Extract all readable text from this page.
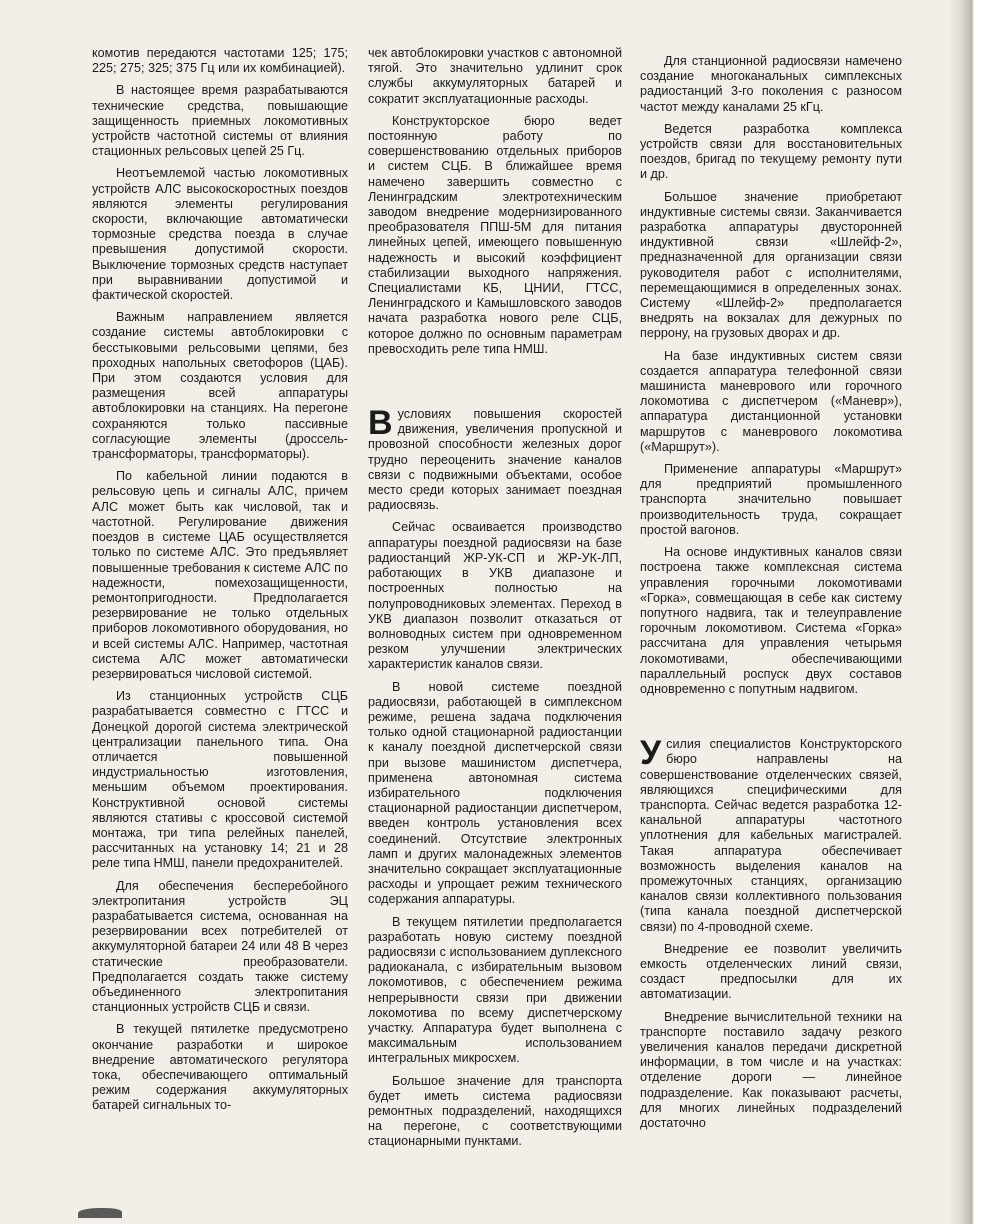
комотив передаются частотами 125; 175; 225; 275; 325; 375 Гц или их комбинацией).

В настоящее время разрабатываются технические средства, повышающие защищенность приемных локомотивных устройств частотной системы от влияния стационных рельсовых цепей 25 Гц.

Неотъемлемой частью локомотивных устройств АЛС высокоскоростных поездов являются элементы регулирования скорости, включающие автоматически тормозные средства поезда в случае превышения допустимой скорости. Выключение тормозных средств наступает при выравнивании допустимой и фактической скоростей.

Важным направлением является создание системы автоблокировки с бесстыковыми рельсовыми цепями, без проходных напольных светофоров (ЦАБ). При этом создаются условия для размещения всей аппаратуры автоблокировки на станциях. На перегоне сохраняются только пассивные согласующие элементы (дроссель-трансформаторы, трансформаторы).

По кабельной линии подаются в рельсовую цепь и сигналы АЛС, причем АЛС может быть как числовой, так и частотной. Регулирование движения поездов в системе ЦАБ осуществляется только по системе АЛС. Это предъявляет повышенные требования к системе АЛС по надежности, помехозащищенности, ремонтопригодности. Предполагается резервирование не только отдельных приборов локомотивного оборудования, но и всей системы АЛС. Например, частотная система АЛС может автоматически резервироваться числовой системой.

Из станционных устройств СЦБ разрабатывается совместно с ГТСС и Донецкой дорогой система электрической централизации панельного типа. Она отличается повышенной индустриальностью изготовления, меньшим объемом проектирования. Конструктивной основой системы являются стативы с кроссовой системой монтажа, три типа релейных панелей, рассчитанных на установку 14; 21 и 28 реле типа НМШ, панели предохранителей.

Для обеспечения бесперебойного электропитания устройств ЭЦ разрабатывается система, основанная на резервировании всех потребителей от аккумуляторной батареи 24 или 48 В через статические преобразователи. Предполагается создать также систему объединенного электропитания станционных устройств СЦБ и связи.

В текущей пятилетке предусмотрено окончание разработки и широкое внедрение автоматического регулятора тока, обеспечивающего оптимальный режим содержания аккумуляторных батарей сигнальных то-

чек автоблокировки участков с автономной тягой. Это значительно удлинит срок службы аккумуляторных батарей и сократит эксплуатационные расходы.

Конструкторское бюро ведет постоянную работу по совершенствованию отдельных приборов и систем СЦБ. В ближайшее время намечено завершить совместно с Ленинградским электротехническим заводом внедрение модернизированного преобразователя ППШ-5М для питания линейных цепей, имеющего повышенную надежность и высокий коэффициент стабилизации выходного напряжения. Специалистами КБ, ЦНИИ, ГТСС, Ленинградского и Камышловского заводов начата разработка нового реле СЦБ, которое должно по основным параметрам превосходить реле типа НМШ.

Вусловиях повышения скоростей движения, увеличения пропускной и провозной способности железных дорог трудно переоценить значение каналов связи с подвижными объектами, особое место среди которых занимает поездная радиосвязь.

Сейчас осваивается производство аппаратуры поездной радиосвязи на базе радиостанций ЖР-УК-СП и ЖР-УК-ЛП, работающих в УКВ диапазоне и построенных полностью на полупроводниковых элементах. Переход в УКВ диапазон позволит отказаться от волноводных систем при одновременном резком улучшении электрических характеристик каналов связи.

В новой системе поездной радиосвязи, работающей в симплексном режиме, решена задача подключения только одной стационарной радиостанции к каналу поездной диспетчерской связи при вызове машинистом диспетчера, применена автономная система избирательного подключения стационарной радиостанции диспетчером, введен контроль установления всех соединений. Отсутствие электронных ламп и других малонадежных элементов значительно сокращает эксплуатационные расходы и упрощает режим технического содержания аппаратуры.

В текущем пятилетии предполагается разработать новую систему поездной радиосвязи с использованием дуплексного радиоканала, с избирательным вызовом локомотивов, с обеспечением режима непрерывности связи при движении локомотива по всему диспетчерскому участку. Аппаратура будет выполнена с максимальным использованием интегральных микросхем.

Большое значение для транспорта будет иметь система радиосвязи ремонтных подразделений, находящихся на перегоне, с соответствующими стационарными пунктами.

Для станционной радиосвязи намечено создание многоканальных симплексных радиостанций 3-го поколения с разносом частот между каналами 25 кГц.

Ведется разработка комплекса устройств связи для восстановительных поездов, бригад по текущему ремонту пути и др.

Большое значение приобретают индуктивные системы связи. Заканчивается разработка аппаратуры двусторонней индуктивной связи «Шлейф-2», предназначенной для организации связи руководителя работ с исполнителями, перемещающимися в определенных зонах. Систему «Шлейф-2» предполагается внедрять на вокзалах для дежурных по перрону, на грузовых дворах и др.

На базе индуктивных систем связи создается аппаратура телефонной связи машиниста маневрового или горочного локомотива с диспетчером («Маневр»), аппаратура дистанционной установки маршрутов с маневрового локомотива («Маршрут»).

Применение аппаратуры «Маршрут» для предприятий промышленного транспорта значительно повышает производительность труда, сокращает простой вагонов.

На основе индуктивных каналов связи построена также комплексная система управления горочными локомотивами «Горка», совмещающая в себе как систему попутного надвига, так и телеуправление горочным локомотивом. Система «Горка» рассчитана для управления четырьмя локомотивами, обеспечивающими параллельный роспуск двух составов одновременно с попутным надвигом.

Усилия специалистов Конструкторского бюро направлены на совершенствование отделенческих связей, являющихся специфическими для транспорта. Сейчас ведется разработка 12-канальной аппаратуры частотного уплотнения для кабельных магистралей. Такая аппаратура обеспечивает возможность выделения каналов на промежуточных станциях, организацию каналов связи коллективного пользования (типа канала поездной диспетчерской связи) по 4-проводной схеме.

Внедрение ее позволит увеличить емкость отделенческих линий связи, создаст предпосылки для их автоматизации.

Внедрение вычислительной техники на транспорте поставило задачу резкого увеличения каналов передачи дискретной информации, в том числе и на участках: отделение дороги — линейное подразделение. Как показывают расчеты, для многих линейных подразделений достаточно
